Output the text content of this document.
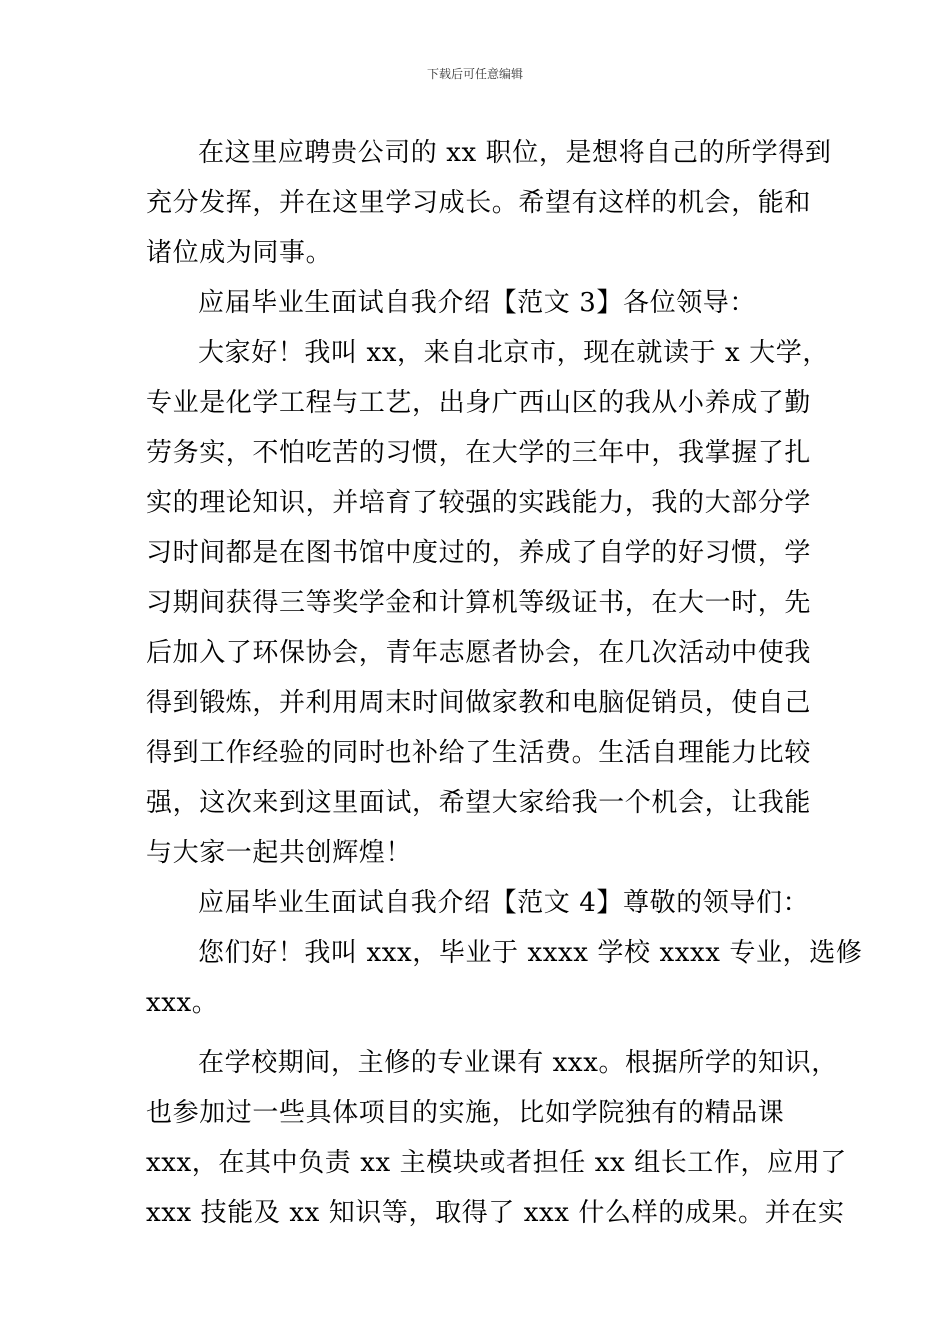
下载后可任意编辑
在这里应聘贵公司的 xx 职位，是想将自己的所学得到
充分发挥，并在这里学习成长。希望有这样的机会，能和
诸位成为同事。
应届毕业生面试自我介绍【范文 3】各位领导：
大家好！我叫 xx，来自北京市，现在就读于 x 大学，
专业是化学工程与工艺，出身广西山区的我从小养成了勤
劳务实，不怕吃苦的习惯，在大学的三年中，我掌握了扎
实的理论知识，并培育了较强的实践能力，我的大部分学
习时间都是在图书馆中度过的，养成了自学的好习惯，学
习期间获得三等奖学金和计算机等级证书，在大一时，先
后加入了环保协会，青年志愿者协会，在几次活动中使我
得到锻炼，并利用周末时间做家教和电脑促销员，使自己
得到工作经验的同时也补给了生活费。生活自理能力比较
强，这次来到这里面试，希望大家给我一个机会，让我能
与大家一起共创辉煌！
应届毕业生面试自我介绍【范文 4】尊敬的领导们：
您们好！我叫 xxx，毕业于 xxxx 学校 xxxx 专业，选修
xxx。
在学校期间，主修的专业课有 xxx。根据所学的知识，
也参加过一些具体项目的实施，比如学院独有的精品课
xxx，在其中负责 xx 主模块或者担任 xx 组长工作，应用了
xxx 技能及 xx 知识等，取得了 xxx 什么样的成果。并在实
